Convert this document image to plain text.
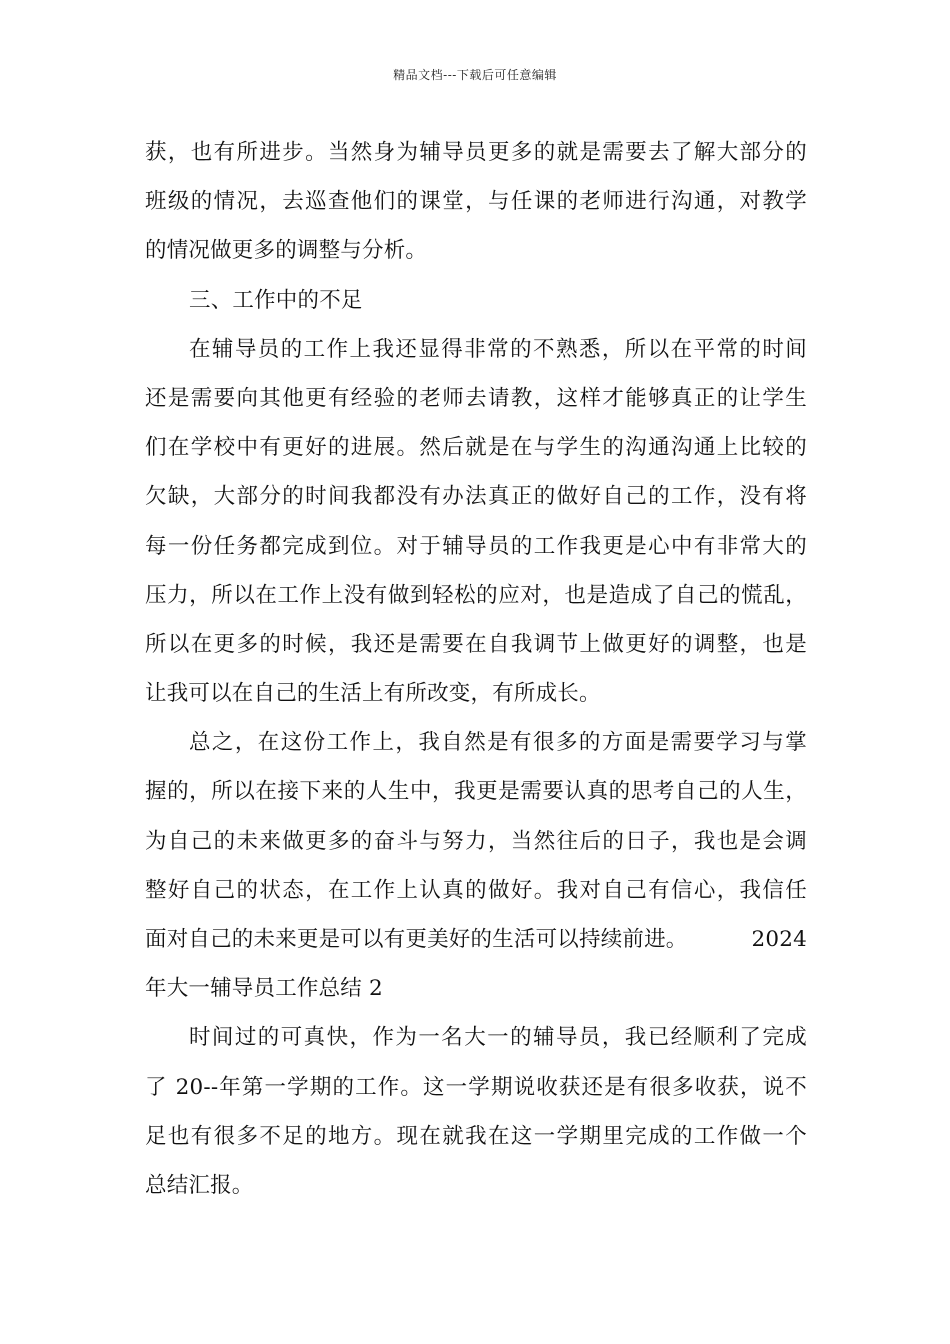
精品文档---下载后可任意编辑
获，也有所进步。当然身为辅导员更多的就是需要去了解大部分的
班级的情况，去巡查他们的课堂，与任课的老师进行沟通，对教学
的情况做更多的调整与分析。
三、工作中的不足
在辅导员的工作上我还显得非常的不熟悉，所以在平常的时间
还是需要向其他更有经验的老师去请教，这样才能够真正的让学生
们在学校中有更好的进展。然后就是在与学生的沟通沟通上比较的
欠缺，大部分的时间我都没有办法真正的做好自己的工作，没有将
每一份任务都完成到位。对于辅导员的工作我更是心中有非常大的
压力，所以在工作上没有做到轻松的应对，也是造成了自己的慌乱，
所以在更多的时候，我还是需要在自我调节上做更好的调整，也是
让我可以在自己的生活上有所改变，有所成长。
总之，在这份工作上，我自然是有很多的方面是需要学习与掌
握的，所以在接下来的人生中，我更是需要认真的思考自己的人生，
为自己的未来做更多的奋斗与努力，当然往后的日子，我也是会调
整好自己的状态，在工作上认真的做好。我对自己有信心，我信任
面对自己的未来更是可以有更美好的生活可以持续前进。	2024
年大一辅导员工作总结 2
时间过的可真快，作为一名大一的辅导员，我已经顺利了完成
了 20--年第一学期的工作。这一学期说收获还是有很多收获，说不
足也有很多不足的地方。现在就我在这一学期里完成的工作做一个
总结汇报。
